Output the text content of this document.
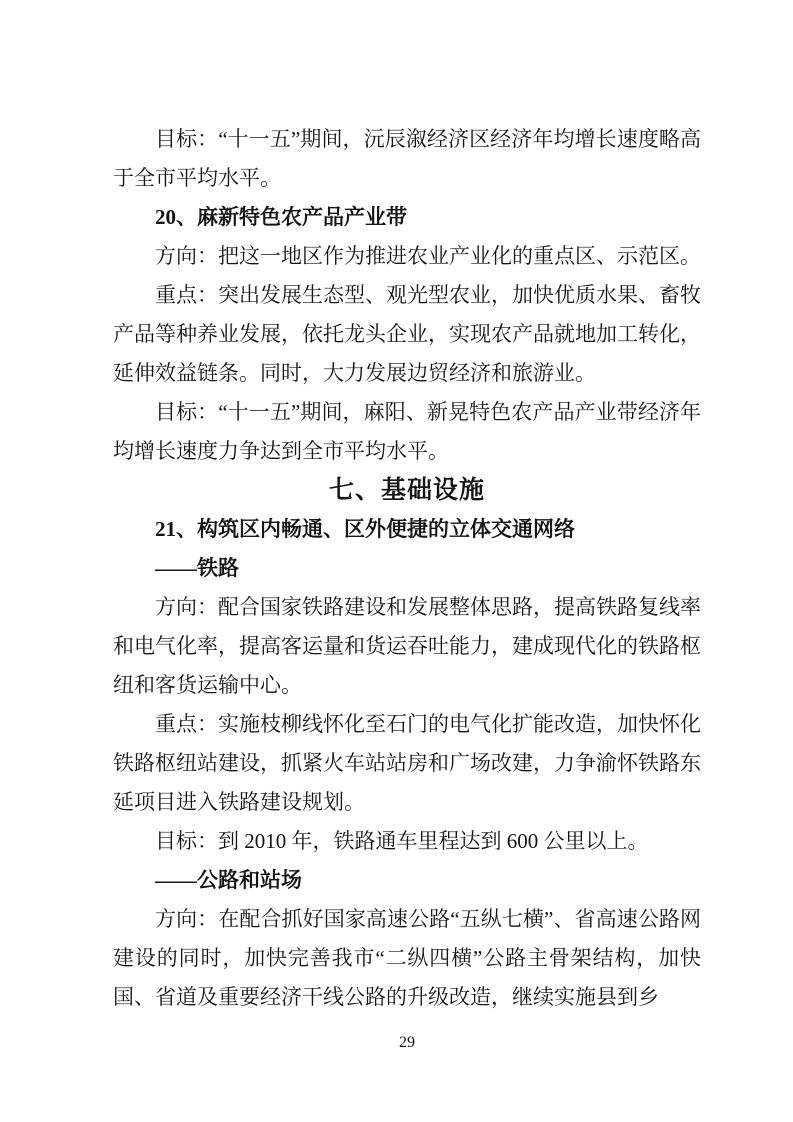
目标：“十一五”期间，沅辰溆经济区经济年均增长速度略高于全市平均水平。

20、麻新特色农产品产业带

方向：把这一地区作为推进农业产业化的重点区、示范区。

重点：突出发展生态型、观光型农业，加快优质水果、畜牧产品等种养业发展，依托龙头企业，实现农产品就地加工转化，延伸效益链条。同时，大力发展边贸经济和旅游业。

目标：“十一五”期间，麻阳、新晃特色农产品产业带经济年均增长速度力争达到全市平均水平。

七、基础设施

21、构筑区内畅通、区外便捷的立体交通网络

——铁路

方向：配合国家铁路建设和发展整体思路，提高铁路复线率和电气化率，提高客运量和货运吞吐能力，建成现代化的铁路枢纽和客货运输中心。

重点：实施枝柳线怀化至石门的电气化扩能改造，加快怀化铁路枢纽站建设，抓紧火车站站房和广场改建，力争渝怀铁路东延项目进入铁路建设规划。

目标：到 2010 年，铁路通车里程达到 600 公里以上。

——公路和站场

方向：在配合抓好国家高速公路“五纵七横”、省高速公路网建设的同时，加快完善我市“二纵四横”公路主骨架结构，加快国、省道及重要经济干线公路的升级改造，继续实施县到乡

29
